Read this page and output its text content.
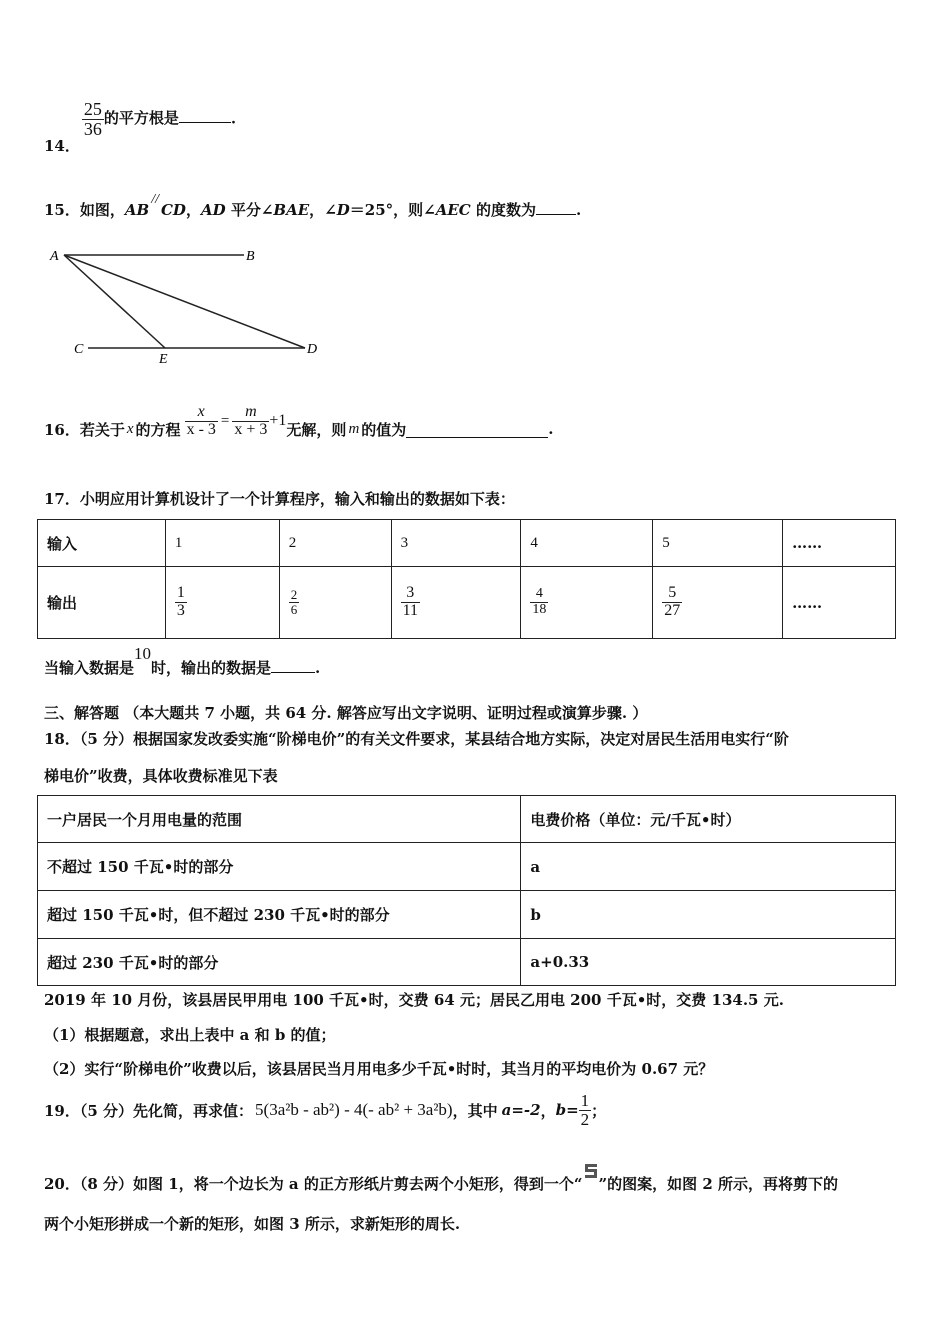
14．
$\frac{25}{36}$ 的平方根是	.
15．如图，AB//CD，AD 平分∠BAE，∠D＝25°，则∠AEC 的度数为	.
A	B
C	D
E
16．若关于 x 的方程 $\frac{x}{x - 3} = \frac{m}{x + 3} +1$ 无解，则 m 的值为	.
17．小明应用计算机设计了一个计算程序，输入和输出的数据如下表：
输入	1	2	3	4	5	……
输出	$\frac{1}{3}$	$\frac{2}{6}$	$\frac{3}{11}$	$\frac{4}{18}$	$\frac{5}{27}$	……
当输入数据是10时，输出的数据是	.
三、解答题 （本大题共 7 小题，共 64 分. 解答应写出文字说明、证明过程或演算步骤. ）
18．（5 分）根据国家发改委实施“阶梯电价”的有关文件要求，某县结合地方实际，决定对居民生活用电实行“阶
梯电价”收费，具体收费标准见下表
一户居民一个月用电量的范围	电费价格（单位：元/千瓦•时）
不超过 150 千瓦•时的部分	a
超过 150 千瓦•时，但不超过 230 千瓦•时的部分	b
超过 230 千瓦•时的部分	a+0.33
2019 年 10 月份，该县居民甲用电 100 千瓦•时，交费 64 元；居民乙用电 200 千瓦•时，交费 134.5 元.
（1）根据题意，求出上表中 a 和 b 的值；
（2）实行“阶梯电价”收费以后，该县居民当月用电多少千瓦•时时，其当月的平均电价为 0.67 元？
19．（5 分）先化简，再求值： 5(3a²b - ab²) - 4(- ab² + 3a²b) ，其中 a=-2 ， $b= \frac{1}{2}$ ；
20．（8 分）如图 1，将一个边长为 a 的正方形纸片剪去两个小矩形，得到一个“ ”的图案，如图 2 所示，再将剪下的
两个小矩形拼成一个新的矩形，如图 3 所示，求新矩形的周长.
